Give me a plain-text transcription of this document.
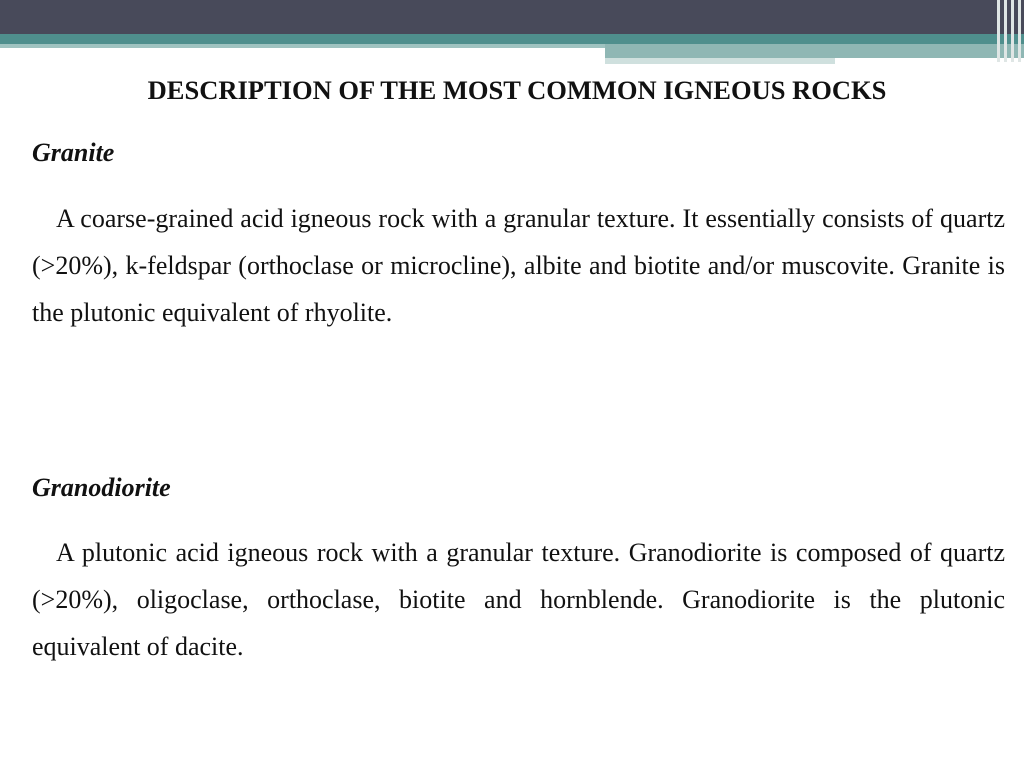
DESCRIPTION OF THE MOST COMMON IGNEOUS ROCKS
Granite

A coarse-grained acid igneous rock with a granular texture. It essentially consists of quartz (>20%), k-feldspar (orthoclase or microcline), albite and biotite and/or muscovite. Granite is the plutonic equivalent of rhyolite.

Granodiorite

A plutonic acid igneous rock with a granular texture. Granodiorite is composed of quartz (>20%), oligoclase, orthoclase, biotite and hornblende. Granodiorite is the plutonic equivalent of dacite.
